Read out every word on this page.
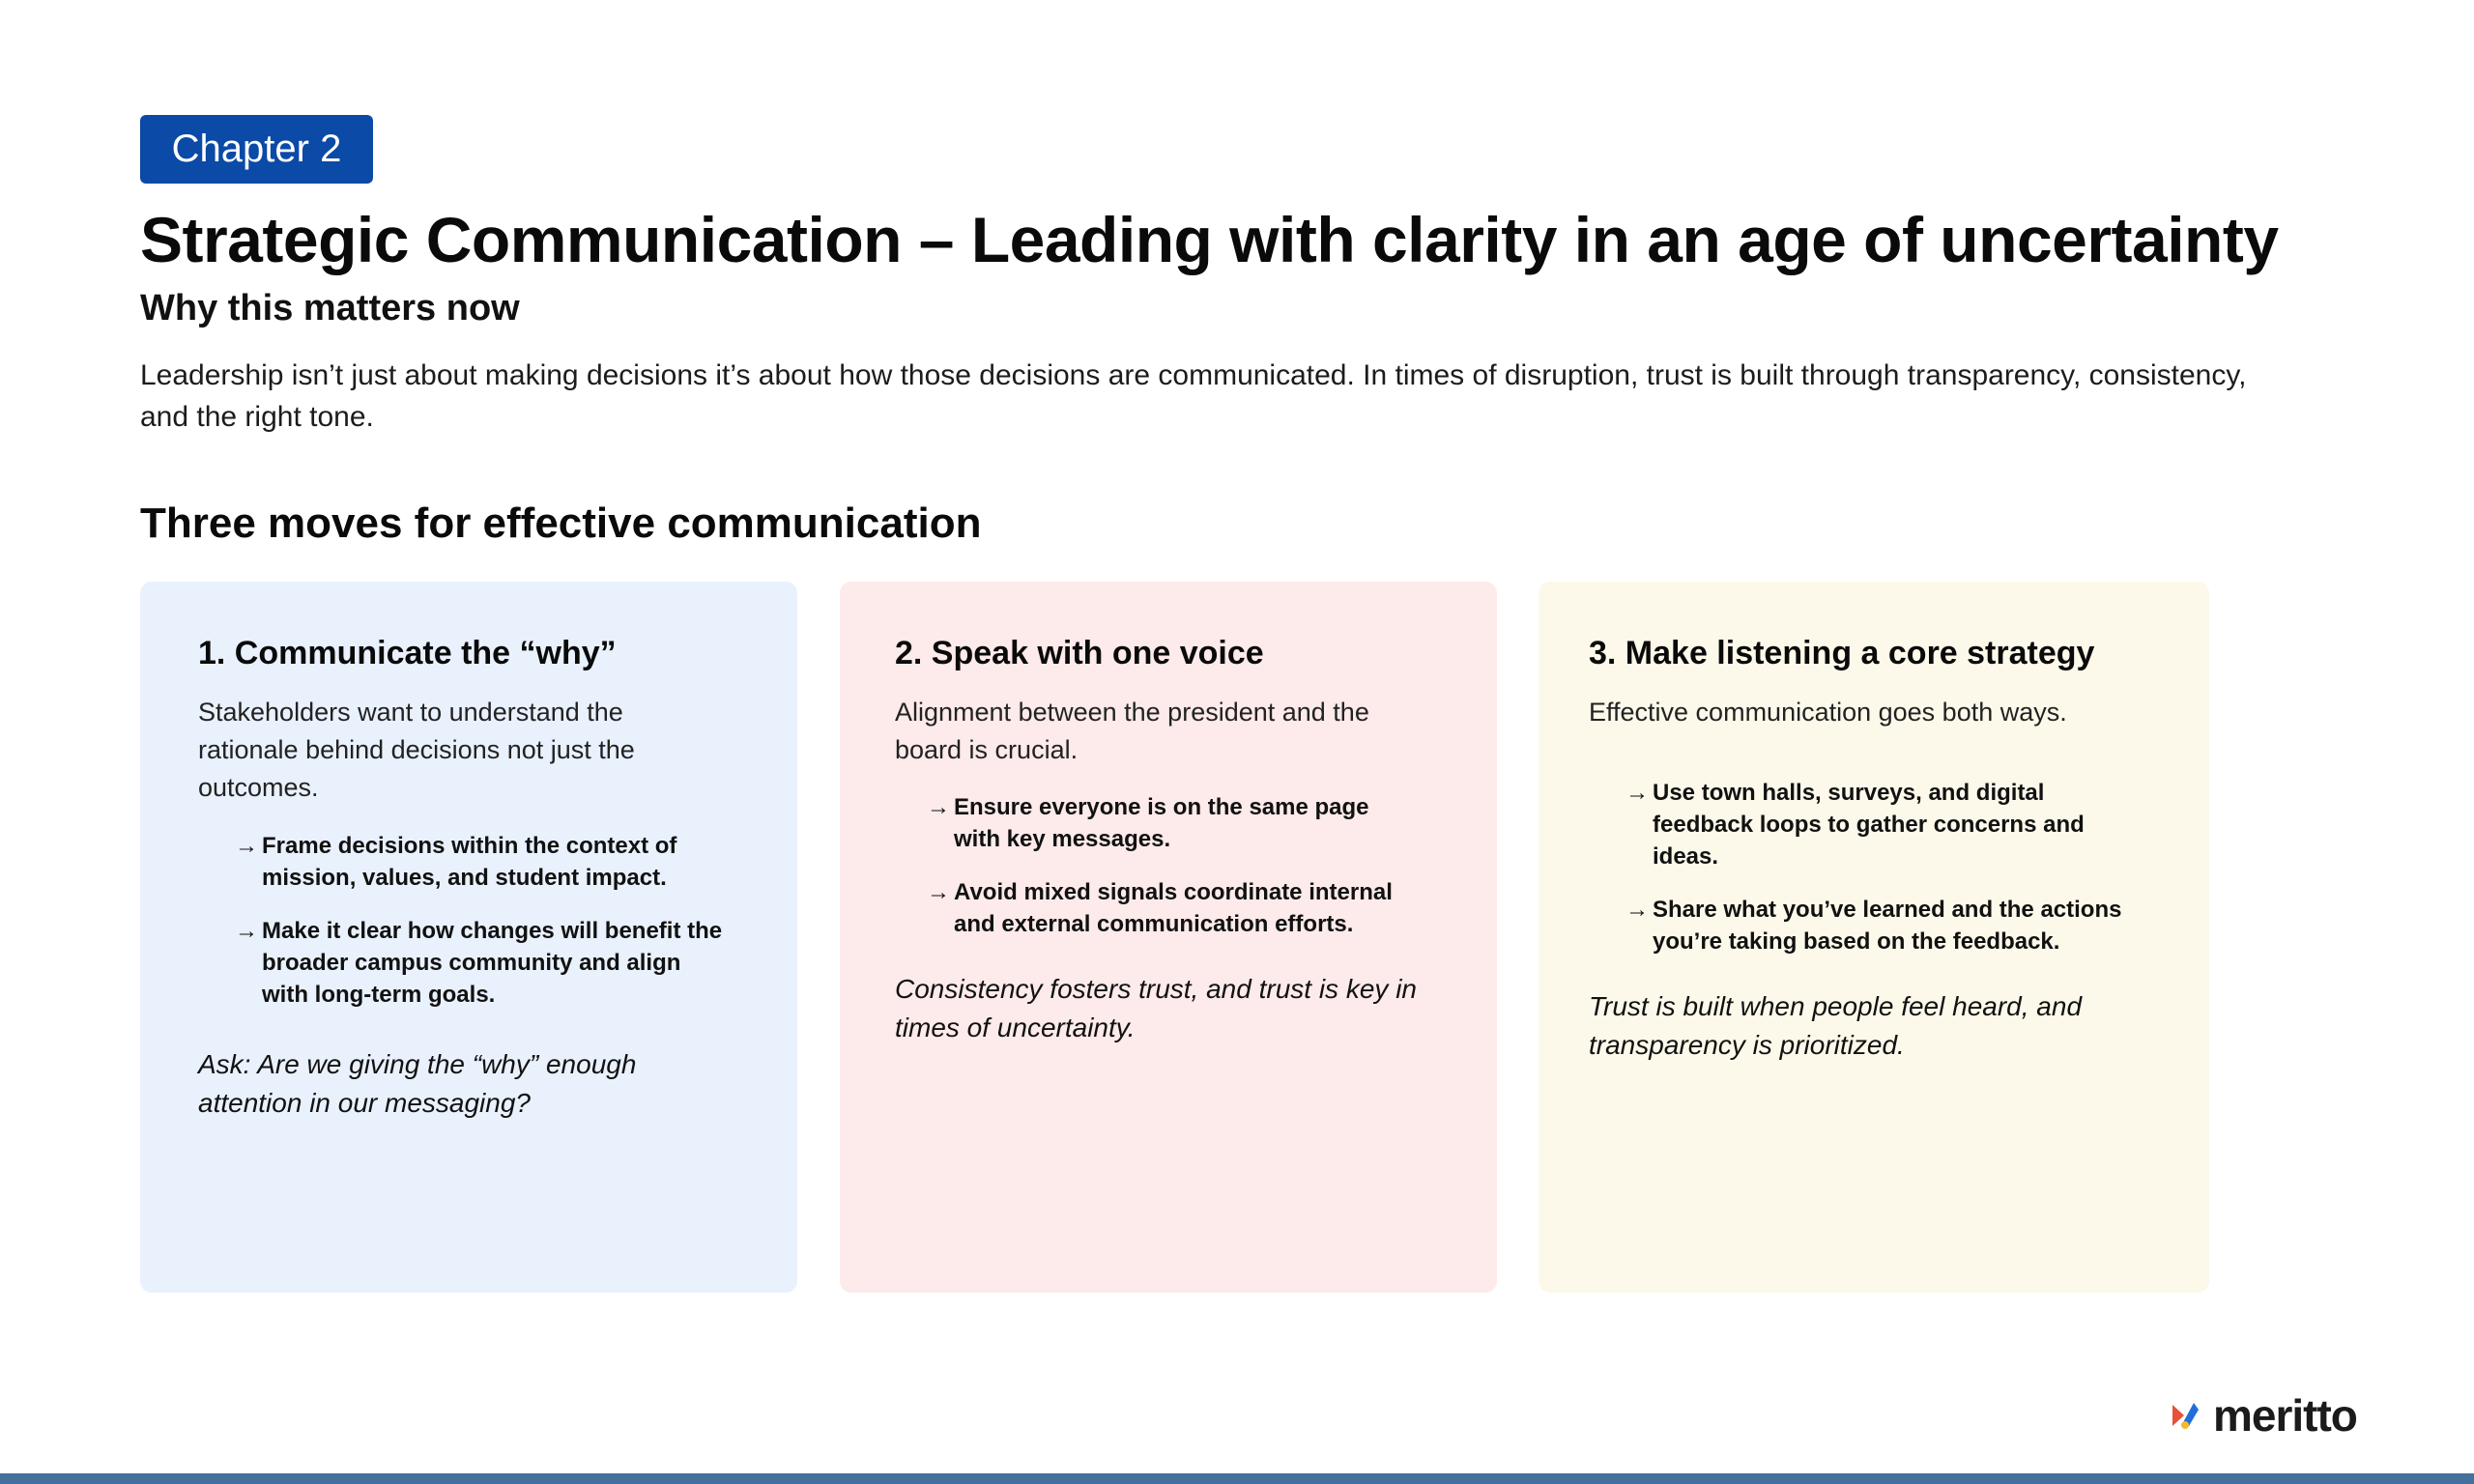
Chapter 2
Strategic Communication – Leading with clarity in an age of uncertainty
Why this matters now

Leadership isn’t just about making decisions it’s about how those decisions are communicated. In times of disruption, trust is built through transparency, consistency, and the right tone.

Three moves for effective communication
1. Communicate the “why”

Stakeholders want to understand the rationale behind decisions not just the outcomes.

→ Frame decisions within the context of mission, values, and student impact.
→ Make it clear how changes will benefit the broader campus community and align with long-term goals.

Ask: Are we giving the “why” enough attention in our messaging?

2. Speak with one voice

Alignment between the president and the board is crucial.

→ Ensure everyone is on the same page with key messages.
→ Avoid mixed signals coordinate internal and external communication efforts.

Consistency fosters trust, and trust is key in times of uncertainty.

3. Make listening a core strategy

Effective communication goes both ways.

→ Use town halls, surveys, and digital feedback loops to gather concerns and ideas.
→ Share what you’ve learned and the actions you’re taking based on the feedback.

Trust is built when people feel heard, and transparency is prioritized.

meritto
